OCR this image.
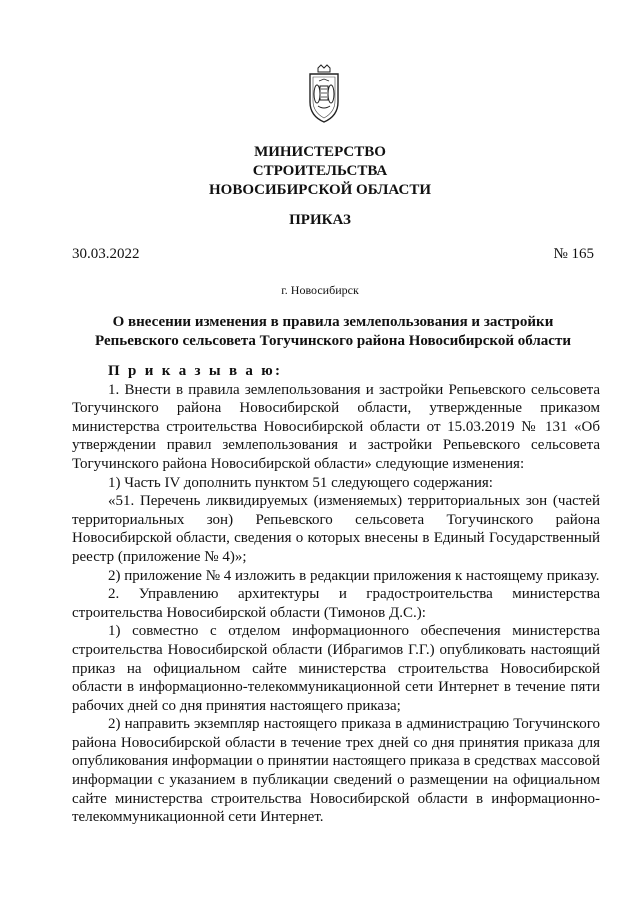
МИНИСТЕРСТВО
СТРОИТЕЛЬСТВА
НОВОСИБИРСКОЙ ОБЛАСТИ
ПРИКАЗ
30.03.2022	№ 165
г. Новосибирск
О внесении изменения в правила землепользования и застройки Репьевского сельсовета Тогучинского района Новосибирской области

П р и к а з ы в а ю:

1. Внести в правила землепользования и застройки Репьевского сельсовета Тогучинского района Новосибирской области, утвержденные приказом министерства строительства Новосибирской области от 15.03.2019 № 131 «Об утверждении правил землепользования и застройки Репьевского сельсовета Тогучинского района Новосибирской области» следующие изменения:

1) Часть IV дополнить пунктом 51 следующего содержания:

«51. Перечень ликвидируемых (изменяемых) территориальных зон (частей территориальных зон) Репьевского сельсовета Тогучинского района Новосибирской области, сведения о которых внесены в Единый Государственный реестр (приложение № 4)»;

2) приложение № 4 изложить в редакции приложения к настоящему приказу.

2. Управлению архитектуры и градостроительства министерства строительства Новосибирской области (Тимонов Д.С.):

1) совместно с отделом информационного обеспечения министерства строительства Новосибирской области (Ибрагимов Г.Г.) опубликовать настоящий приказ на официальном сайте министерства строительства Новосибирской области в информационно-телекоммуникационной сети Интернет в течение пяти рабочих дней со дня принятия настоящего приказа;

2) направить экземпляр настоящего приказа в администрацию Тогучинского района Новосибирской области в течение трех дней со дня принятия приказа для опубликования информации о принятии настоящего приказа в средствах массовой информации с указанием в публикации сведений о размещении на официальном сайте министерства строительства Новосибирской области в информационно-телекоммуникационной сети Интернет.
